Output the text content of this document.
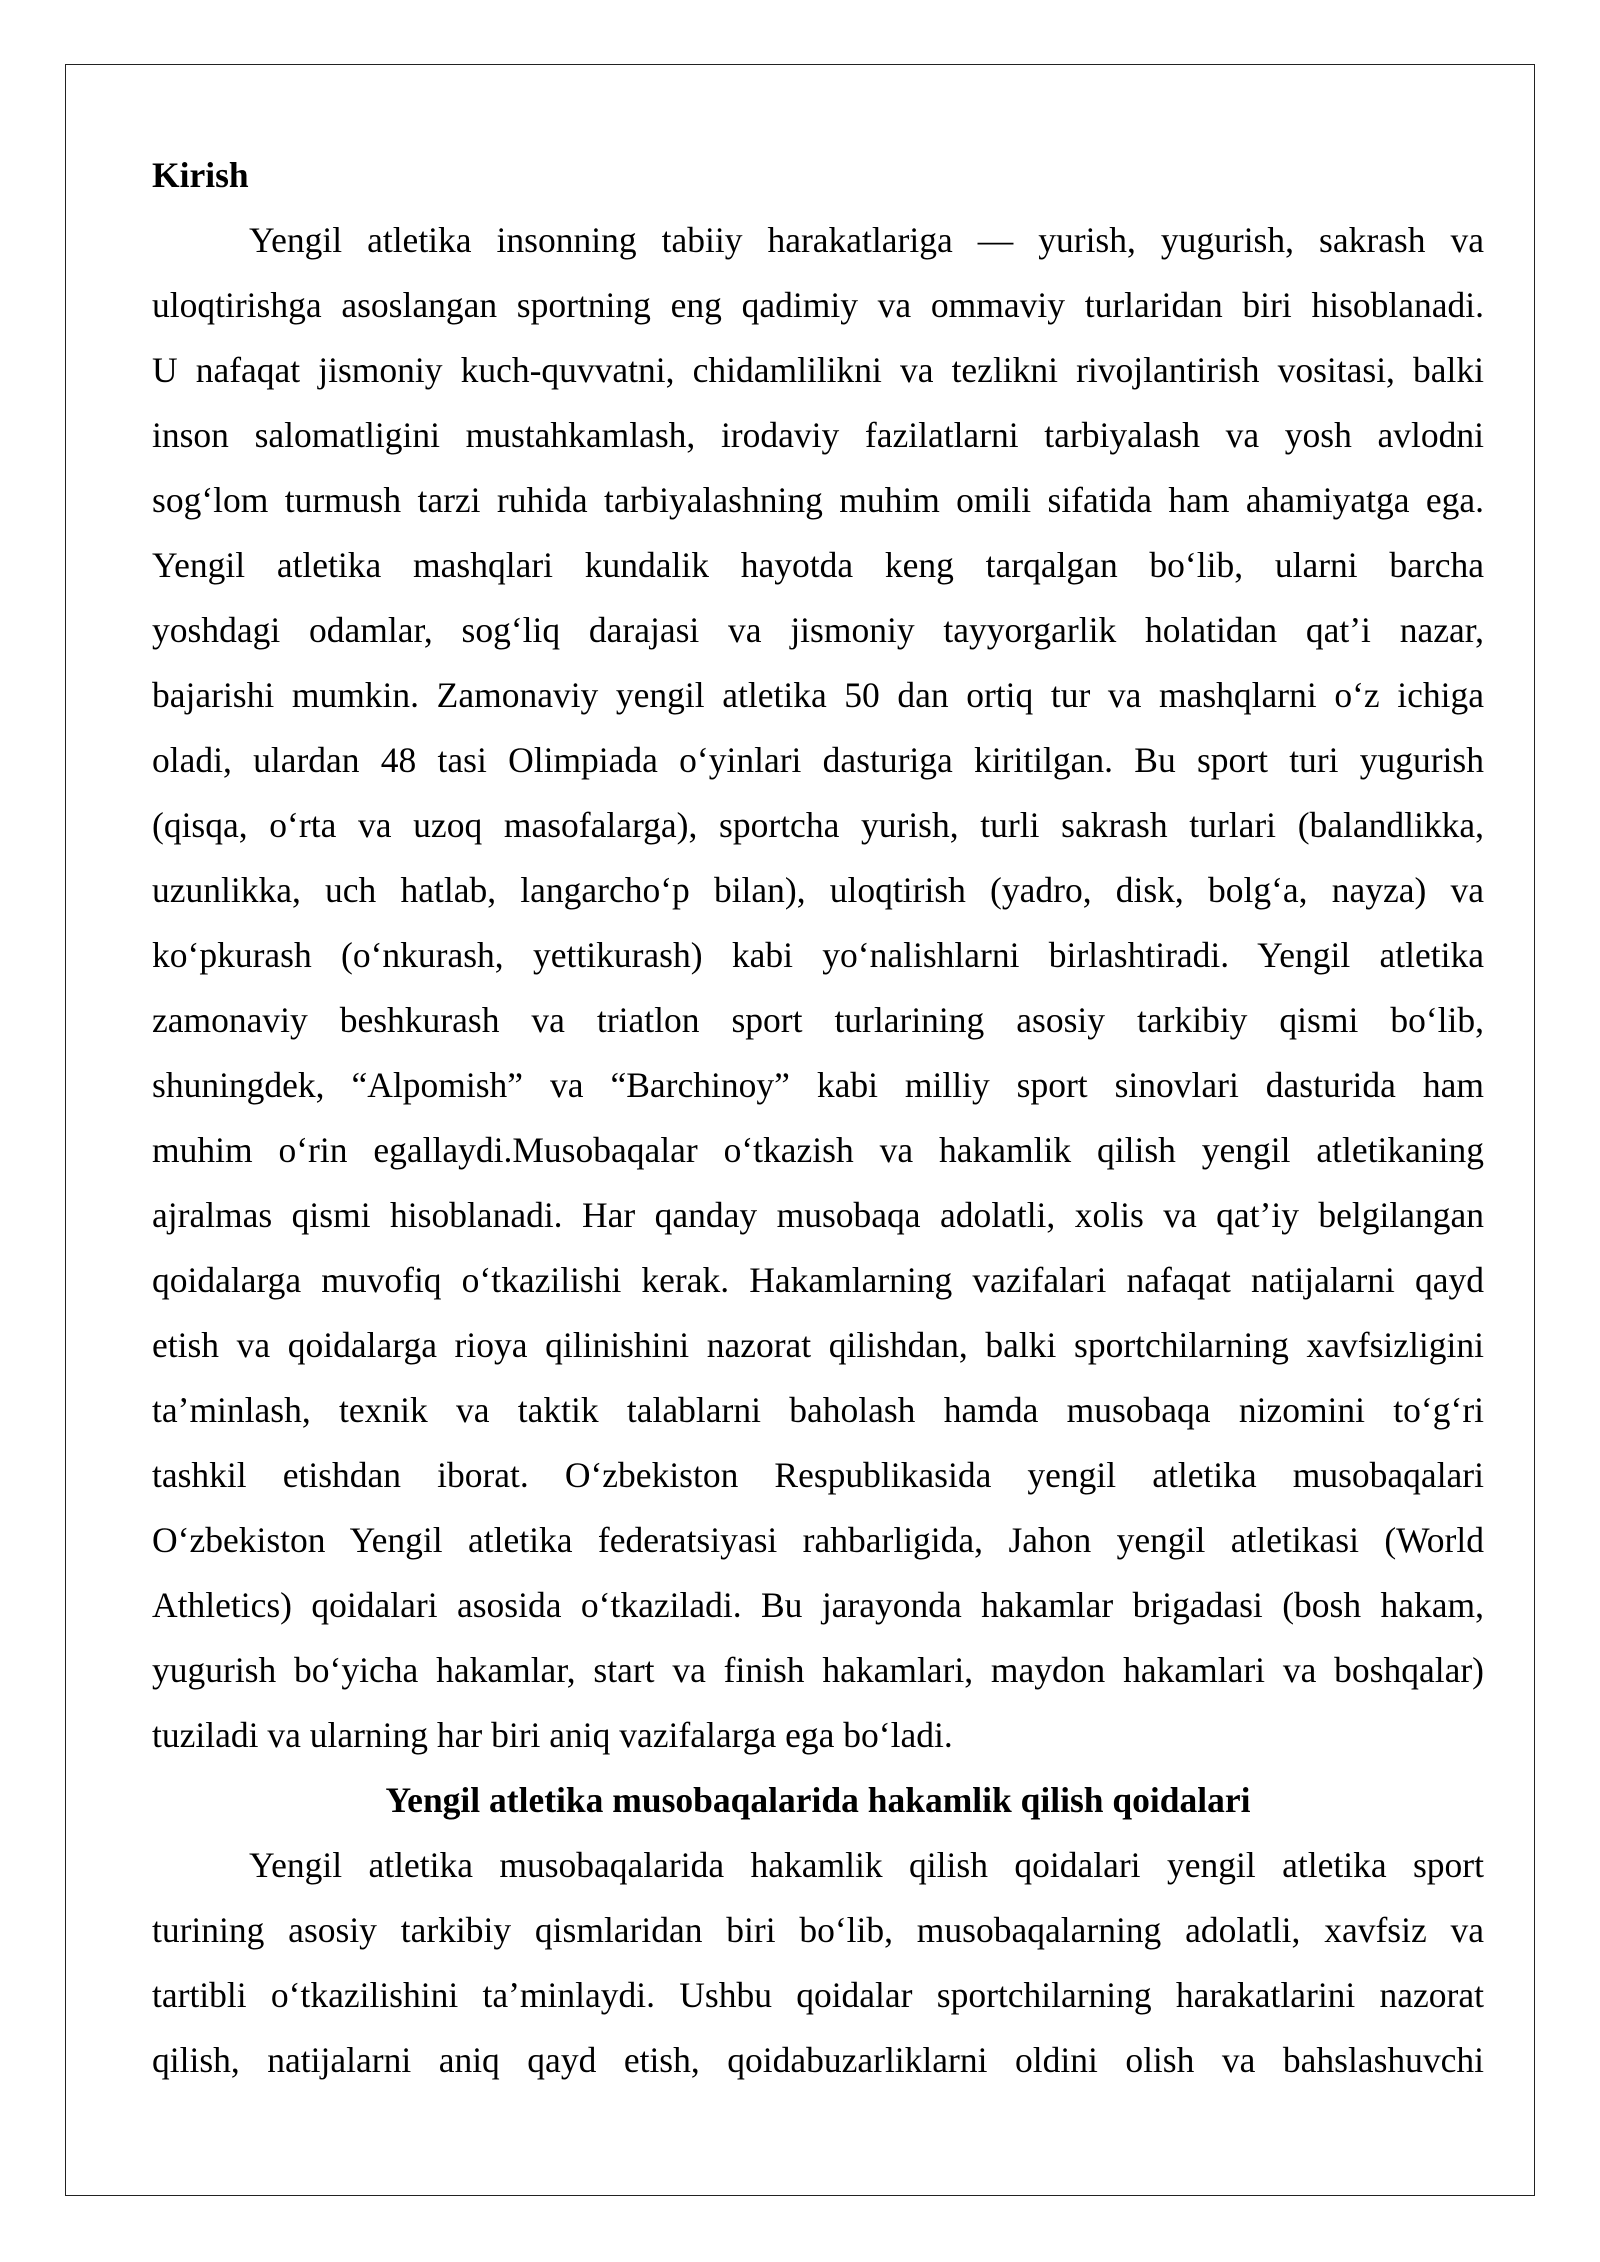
Kirish
Yengil atletika insonning tabiiy harakatlariga — yurish, yugurish, sakrash va
uloqtirishga asoslangan sportning eng qadimiy va ommaviy turlaridan biri hisoblanadi.
U nafaqat jismoniy kuch-quvvatni, chidamlilikni va tezlikni rivojlantirish vositasi, balki
inson salomatligini mustahkamlash, irodaviy fazilatlarni tarbiyalash va yosh avlodni
sogʻlom turmush tarzi ruhida tarbiyalashning muhim omili sifatida ham ahamiyatga ega.
Yengil atletika mashqlari kundalik hayotda keng tarqalgan boʻlib, ularni barcha
yoshdagi odamlar, sogʻliq darajasi va jismoniy tayyorgarlik holatidan qatʼi nazar,
bajarishi mumkin. Zamonaviy yengil atletika 50 dan ortiq tur va mashqlarni oʻz ichiga
oladi, ulardan 48 tasi Olimpiada oʻyinlari dasturiga kiritilgan. Bu sport turi yugurish
(qisqa, oʻrta va uzoq masofalarga), sportcha yurish, turli sakrash turlari (balandlikka,
uzunlikka, uch hatlab, langarchoʻp bilan), uloqtirish (yadro, disk, bolgʻa, nayza) va
koʻpkurash (oʻnkurash, yettikurash) kabi yoʻnalishlarni birlashtiradi. Yengil atletika
zamonaviy beshkurash va triatlon sport turlarining asosiy tarkibiy qismi boʻlib,
shuningdek, “Alpomish” va “Barchinoy” kabi milliy sport sinovlari dasturida ham
muhim oʻrin egallaydi.Musobaqalar oʻtkazish va hakamlik qilish yengil atletikaning
ajralmas qismi hisoblanadi. Har qanday musobaqa adolatli, xolis va qatʼiy belgilangan
qoidalarga muvofiq oʻtkazilishi kerak. Hakamlarning vazifalari nafaqat natijalarni qayd
etish va qoidalarga rioya qilinishini nazorat qilishdan, balki sportchilarning xavfsizligini
taʼminlash, texnik va taktik talablarni baholash hamda musobaqa nizomini toʻgʻri
tashkil etishdan iborat. Oʻzbekiston Respublikasida yengil atletika musobaqalari
Oʻzbekiston Yengil atletika federatsiyasi rahbarligida, Jahon yengil atletikasi (World
Athletics) qoidalari asosida oʻtkaziladi. Bu jarayonda hakamlar brigadasi (bosh hakam,
yugurish boʻyicha hakamlar, start va finish hakamlari, maydon hakamlari va boshqalar)
tuziladi va ularning har biri aniq vazifalarga ega boʻladi.
Yengil atletika musobaqalarida hakamlik qilish qoidalari
Yengil atletika musobaqalarida hakamlik qilish qoidalari yengil atletika sport
turining asosiy tarkibiy qismlaridan biri boʻlib, musobaqalarning adolatli, xavfsiz va
tartibli oʻtkazilishini taʼminlaydi. Ushbu qoidalar sportchilarning harakatlarini nazorat
qilish, natijalarni aniq qayd etish, qoidabuzarliklarni oldini olish va bahslashuvchi
